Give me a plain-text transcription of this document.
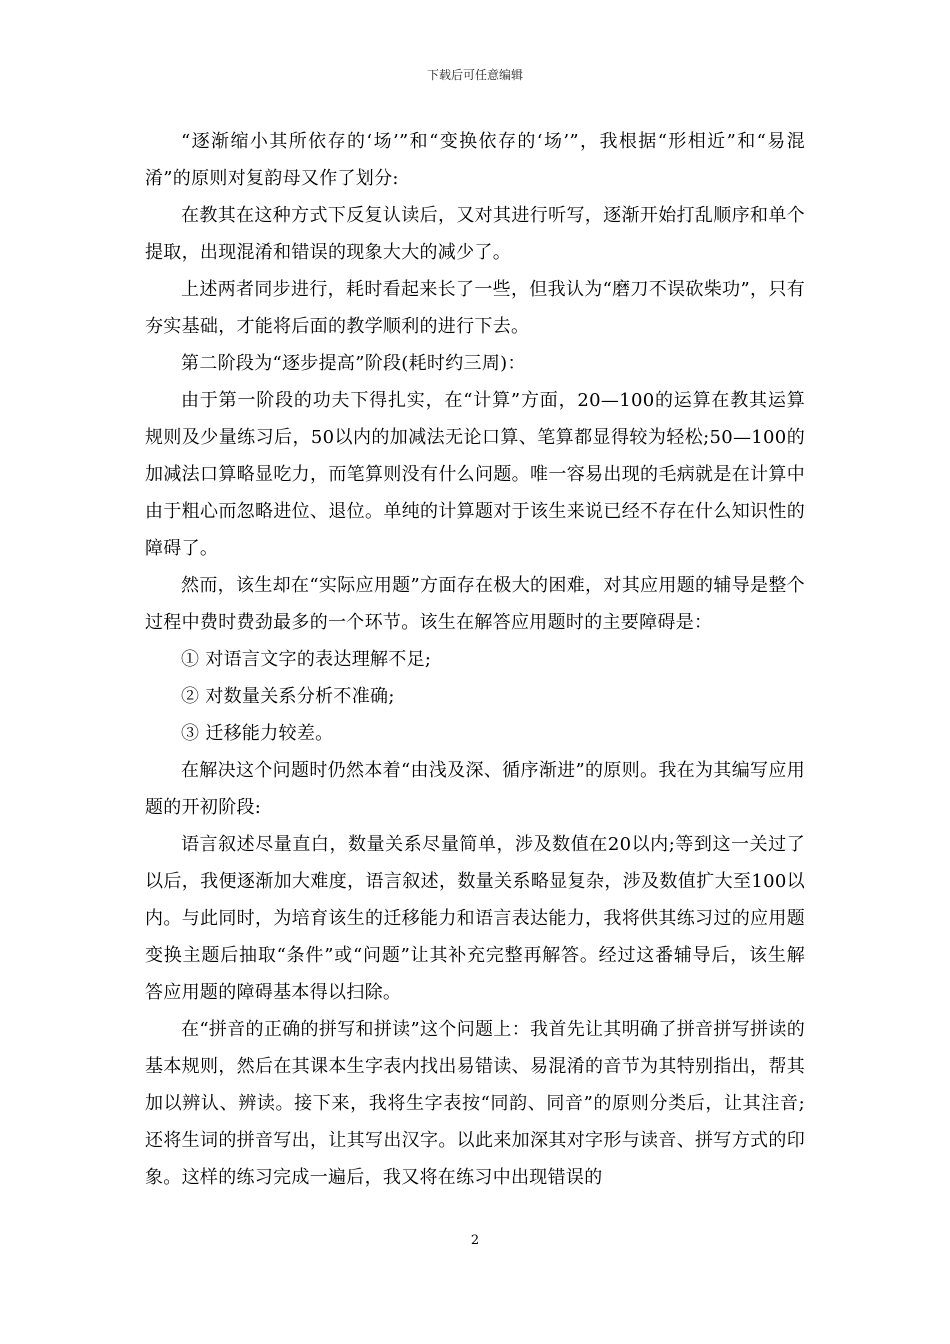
下载后可任意编辑

“逐渐缩小其所依存的‘场’”和“变换依存的‘场’”，我根据“形相近”和“易混淆”的原则对复韵母又作了划分:

在教其在这种方式下反复认读后，又对其进行听写，逐渐开始打乱顺序和单个提取，出现混淆和错误的现象大大的减少了。

上述两者同步进行，耗时看起来长了一些，但我认为“磨刀不误砍柴功”，只有夯实基础，才能将后面的教学顺利的进行下去。

第二阶段为“逐步提高”阶段(耗时约三周)：

由于第一阶段的功夫下得扎实，在“计算”方面，20—100的运算在教其运算规则及少量练习后，50以内的加减法无论口算、笔算都显得较为轻松;50—100的加减法口算略显吃力，而笔算则没有什么问题。唯一容易出现的毛病就是在计算中由于粗心而忽略进位、退位。单纯的计算题对于该生来说已经不存在什么知识性的障碍了。

然而，该生却在“实际应用题”方面存在极大的困难，对其应用题的辅导是整个过程中费时费劲最多的一个环节。该生在解答应用题时的主要障碍是：

① 对语言文字的表达理解不足;

② 对数量关系分析不准确;

③ 迁移能力较差。

在解决这个问题时仍然本着“由浅及深、循序渐进”的原则。我在为其编写应用题的开初阶段:

语言叙述尽量直白，数量关系尽量简单，涉及数值在20以内;等到这一关过了以后，我便逐渐加大难度，语言叙述，数量关系略显复杂，涉及数值扩大至100以内。与此同时，为培育该生的迁移能力和语言表达能力，我将供其练习过的应用题变换主题后抽取“条件”或“问题”让其补充完整再解答。经过这番辅导后，该生解答应用题的障碍基本得以扫除。

在“拼音的正确的拼写和拼读”这个问题上：我首先让其明确了拼音拼写拼读的基本规则，然后在其课本生字表内找出易错读、易混淆的音节为其特别指出，帮其加以辨认、辨读。接下来，我将生字表按“同韵、同音”的原则分类后，让其注音;还将生词的拼音写出，让其写出汉字。以此来加深其对字形与读音、拼写方式的印象。这样的练习完成一遍后，我又将在练习中出现错误的

2
